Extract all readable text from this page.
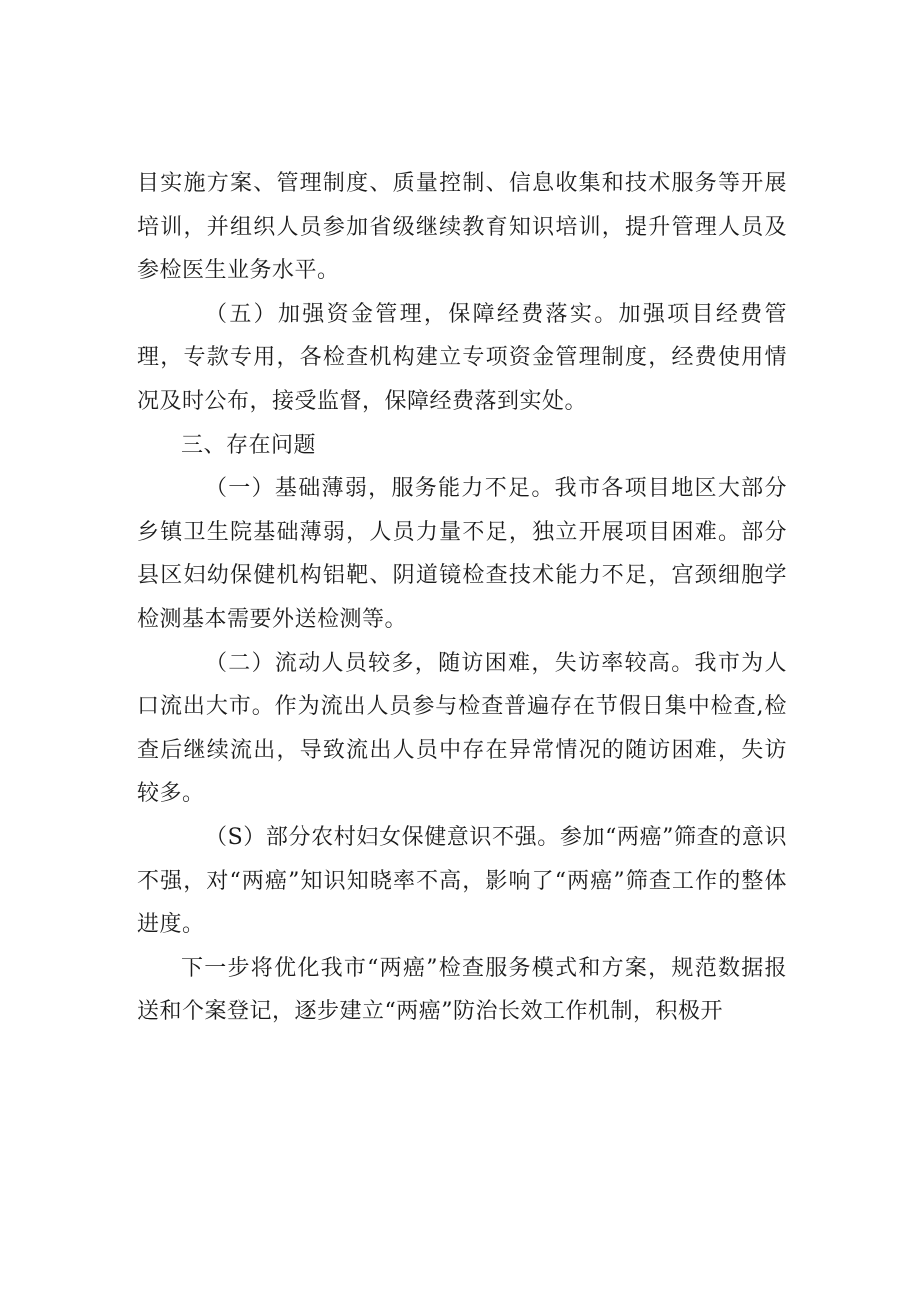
目实施方案、管理制度、质量控制、信息收集和技术服务等开展培训，并组织人员参加省级继续教育知识培训，提升管理人员及参检医生业务水平。

（五）加强资金管理，保障经费落实。加强项目经费管理，专款专用，各检查机构建立专项资金管理制度，经费使用情况及时公布，接受监督，保障经费落到实处。

三、存在问题

（一）基础薄弱，服务能力不足。我市各项目地区大部分乡镇卫生院基础薄弱，人员力量不足，独立开展项目困难。部分县区妇幼保健机构铝靶、阴道镜检查技术能力不足，宫颈细胞学检测基本需要外送检测等。

（二）流动人员较多，随访困难，失访率较高。我市为人口流出大市。作为流出人员参与检查普遍存在节假日集中检查,检查后继续流出，导致流出人员中存在异常情况的随访困难，失访较多。

（S）部分农村妇女保健意识不强。参加“两癌”筛查的意识不强，对“两癌”知识知晓率不高，影响了“两癌”筛查工作的整体进度。

下一步将优化我市“两癌”检查服务模式和方案，规范数据报送和个案登记，逐步建立“两癌”防治长效工作机制，积极开
